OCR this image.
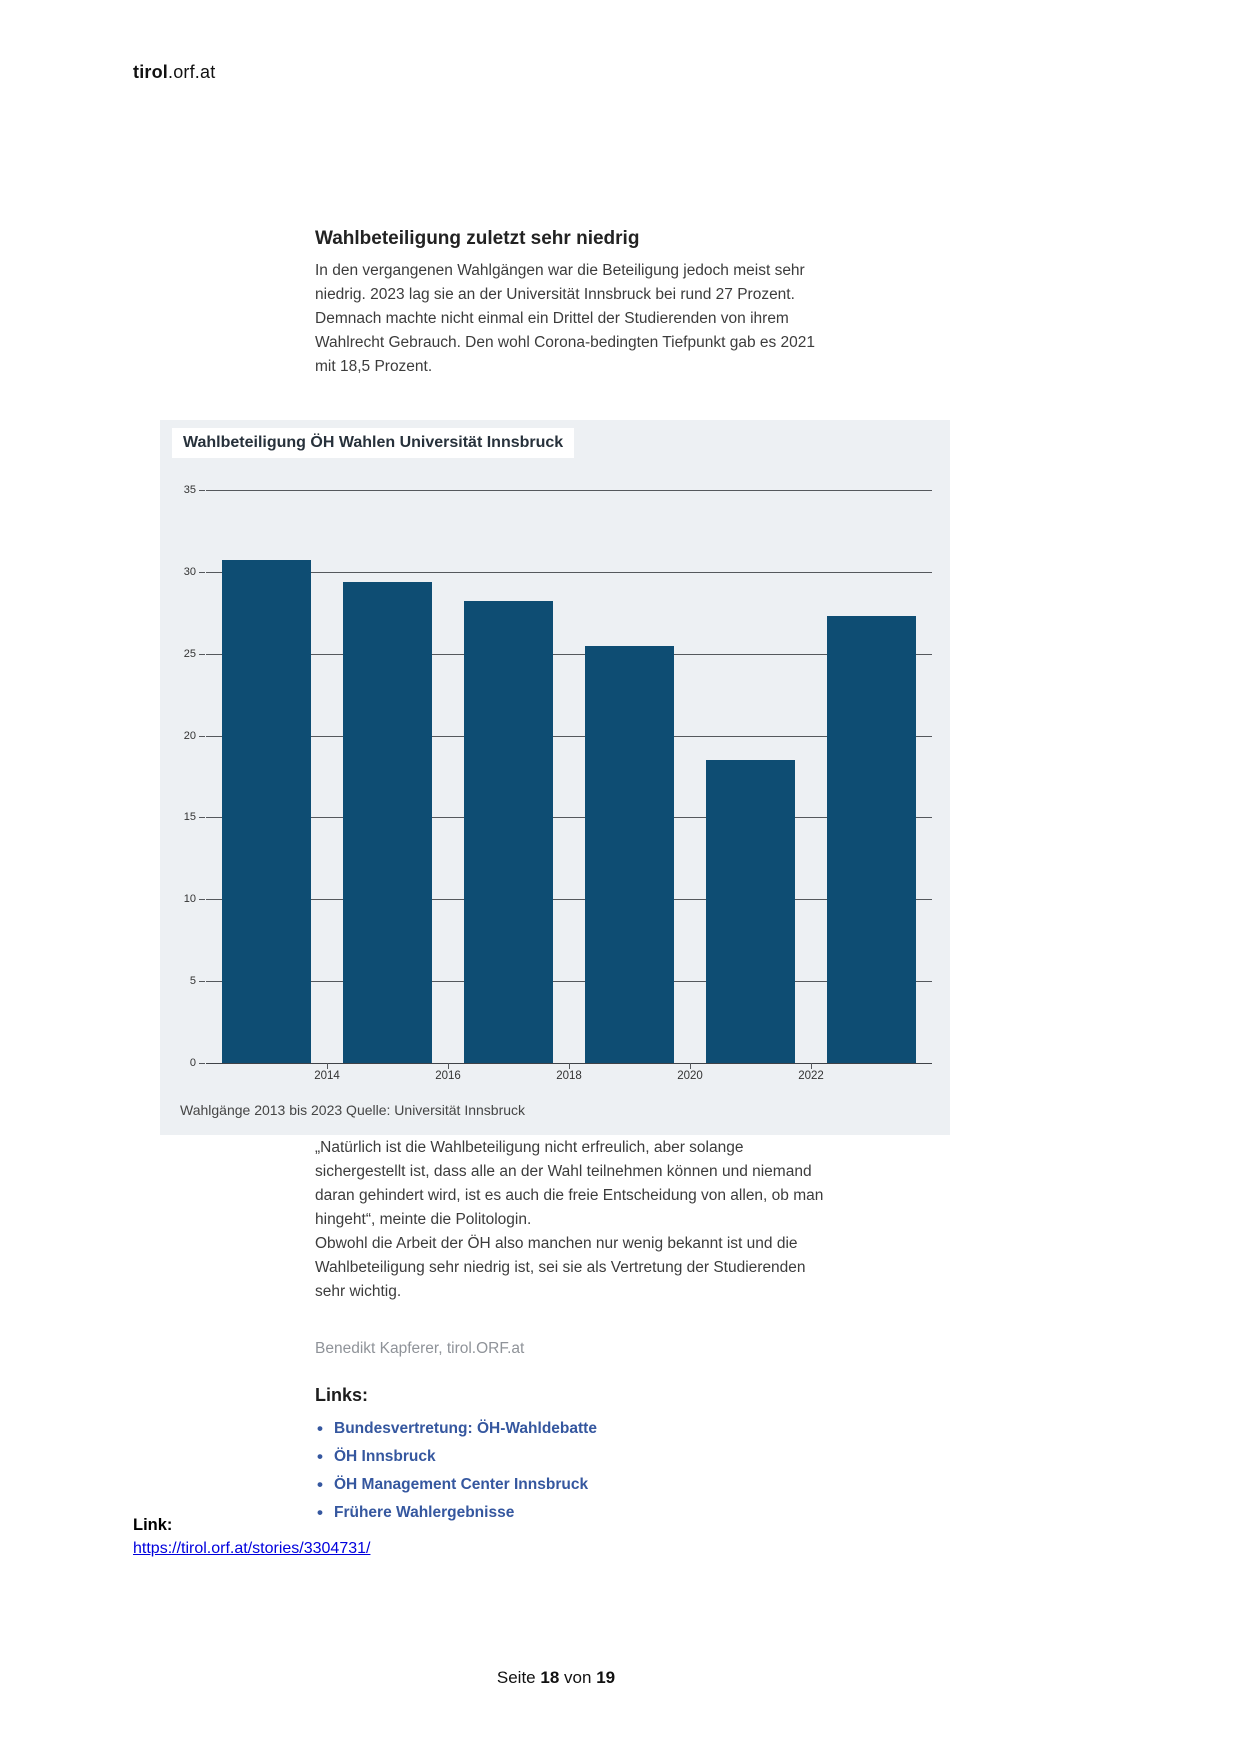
tirol.orf.at
Wahlbeteiligung zuletzt sehr niedrig

In den vergangenen Wahlgängen war die Beteiligung jedoch meist sehr niedrig. 2023 lag sie an der Universität Innsbruck bei rund 27 Prozent. Demnach machte nicht einmal ein Drittel der Studierenden von ihrem Wahlrecht Gebrauch. Den wohl Corona-bedingten Tiefpunkt gab es 2021 mit 18,5 Prozent.

Wahlbeteiligung ÖH Wahlen Universität Innsbruck
0
5
10
15
20
25
30
35
2014	2016	2018	2020	2022
Wahlgänge 2013 bis 2023 Quelle: Universität Innsbruck

„Natürlich ist die Wahlbeteiligung nicht erfreulich, aber solange sichergestellt ist, dass alle an der Wahl teilnehmen können und niemand daran gehindert wird, ist es auch die freie Entscheidung von allen, ob man hingeht“, meinte die Politologin.

Obwohl die Arbeit der ÖH also manchen nur wenig bekannt ist und die Wahlbeteiligung sehr niedrig ist, sei sie als Vertretung der Studierenden sehr wichtig.

Benedikt Kapferer, tirol.ORF.at
Links:
• Bundesvertretung: ÖH-Wahldebatte
• ÖH Innsbruck
• ÖH Management Center Innsbruck
• Frühere Wahlergebnisse
Link:
https://tirol.orf.at/stories/3304731/
Seite 18 von 19
